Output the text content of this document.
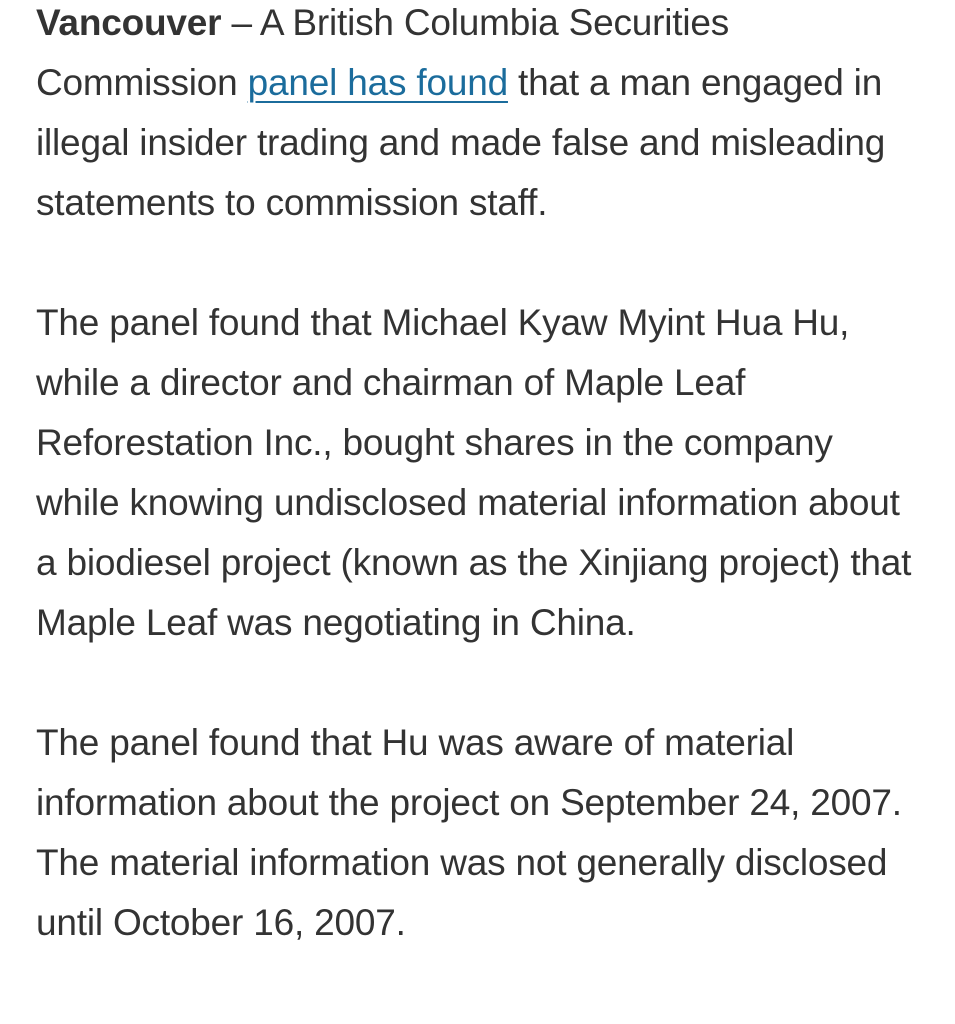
Vancouver – A British Columbia Securities Commission panel has found that a man engaged in illegal insider trading and made false and misleading statements to commission staff.

The panel found that Michael Kyaw Myint Hua Hu, while a director and chairman of Maple Leaf Reforestation Inc., bought shares in the company while knowing undisclosed material information about a biodiesel project (known as the Xinjiang project) that Maple Leaf was negotiating in China.

The panel found that Hu was aware of material information about the project on September 24, 2007. The material information was not generally disclosed until October 16, 2007.
